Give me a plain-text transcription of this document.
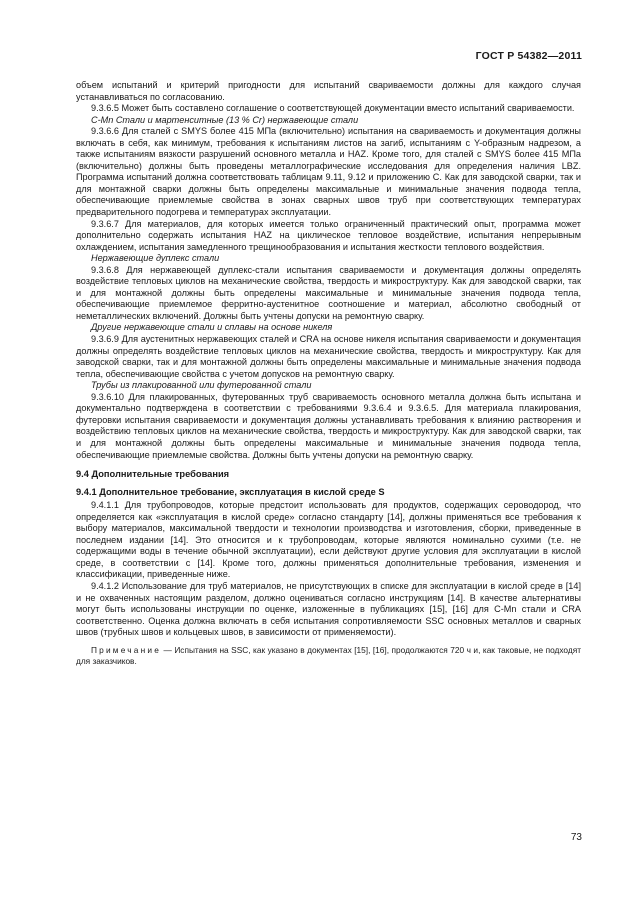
ГОСТ Р 54382—2011

объем испытаний и критерий пригодности для испытаний свариваемости должны для каждого случая устанавливаться по согласованию.

9.3.6.5 Может быть составлено соглашение о соответствующей документации вместо испытаний свариваемости.

C-Mn Стали и мартенситные (13 % Cr) нержавеющие стали

9.3.6.6 Для сталей с SMYS более 415 МПа (включительно) испытания на свариваемость и документация должны включать в себя, как минимум, требования к испытаниям листов на загиб, испытаниям с Y-образным надрезом, а также испытаниям вязкости разрушений основного металла и HAZ. Кроме того, для сталей с SMYS более 415 МПа (включительно) должны быть проведены металлографические исследования для определения наличия LBZ. Программа испытаний должна соответствовать таблицам 9.11, 9.12 и приложению C. Как для заводской сварки, так и для монтажной сварки должны быть определены максимальные и минимальные значения подвода тепла, обеспечивающие приемлемые свойства в зонах сварных швов труб при соответствующих температурах предварительного подогрева и температурах эксплуатации.

9.3.6.7 Для материалов, для которых имеется только ограниченный практический опыт, программа может дополнительно содержать испытания HAZ на циклическое тепловое воздействие, испытания непрерывным охлаждением, испытания замедленного трещинообразования и испытания жесткости теплового воздействия.

Нержавеющие дуплекс стали

9.3.6.8 Для нержавеющей дуплекс-стали испытания свариваемости и документация должны определять воздействие тепловых циклов на механические свойства, твердость и микроструктуру. Как для заводской сварки, так и для монтажной должны быть определены максимальные и минимальные значения подвода тепла, обеспечивающие приемлемое ферритно-аустенитное соотношение и материал, абсолютно свободный от неметаллических включений. Должны быть учтены допуски на ремонтную сварку.

Другие нержавеющие стали и сплавы на основе никеля

9.3.6.9 Для аустенитных нержавеющих сталей и CRA на основе никеля испытания свариваемости и документация должны определять воздействие тепловых циклов на механические свойства, твердость и микроструктуру. Как для заводской сварки, так и для монтажной должны быть определены максимальные и минимальные значения подвода тепла, обеспечивающие свойства с учетом допусков на ремонтную сварку.

Трубы из плакированной или футерованной стали

9.3.6.10 Для плакированных, футерованных труб свариваемость основного металла должна быть испытана и документально подтверждена в соответствии с требованиями 9.3.6.4 и 9.3.6.5. Для материала плакирования, футеровки испытания свариваемости и документация должны устанавливать требования к влиянию растворения и воздействию тепловых циклов на механические свойства, твердость и микроструктуру. Как для заводской сварки, так и для монтажной должны быть определены максимальные и минимальные значения подвода тепла, обеспечивающие приемлемые свойства. Должны быть учтены допуски на ремонтную сварку.

9.4 Дополнительные требования

9.4.1 Дополнительное требование, эксплуатация в кислой среде S

9.4.1.1 Для трубопроводов, которые предстоит использовать для продуктов, содержащих сероводород, что определяется как «эксплуатация в кислой среде» согласно стандарту [14], должны применяться все требования к выбору материалов, максимальной твердости и технологии производства и изготовления, сборки, приведенные в последнем издании [14]. Это относится и к трубопроводам, которые являются номинально сухими (т.е. не содержащими воды в течение обычной эксплуатации), если действуют другие условия для эксплуатации в кислой среде, в соответствии с [14]. Кроме того, должны применяться дополнительные требования, изменения и классификации, приведенные ниже.

9.4.1.2 Использование для труб материалов, не присутствующих в списке для эксплуатации в кислой среде в [14] и не охваченных настоящим разделом, должно оцениваться согласно инструкциям [14]. В качестве альтернативы могут быть использованы инструкции по оценке, изложенные в публикациях [15], [16] для C-Mn стали и CRA соответственно. Оценка должна включать в себя испытания сопротивляемости SSC основных металлов и сварных швов (трубных швов и кольцевых швов, в зависимости от применяемости).

Примечание — Испытания на SSC, как указано в документах [15], [16], продолжаются 720 ч и, как таковые, не подходят для заказчиков.

73
